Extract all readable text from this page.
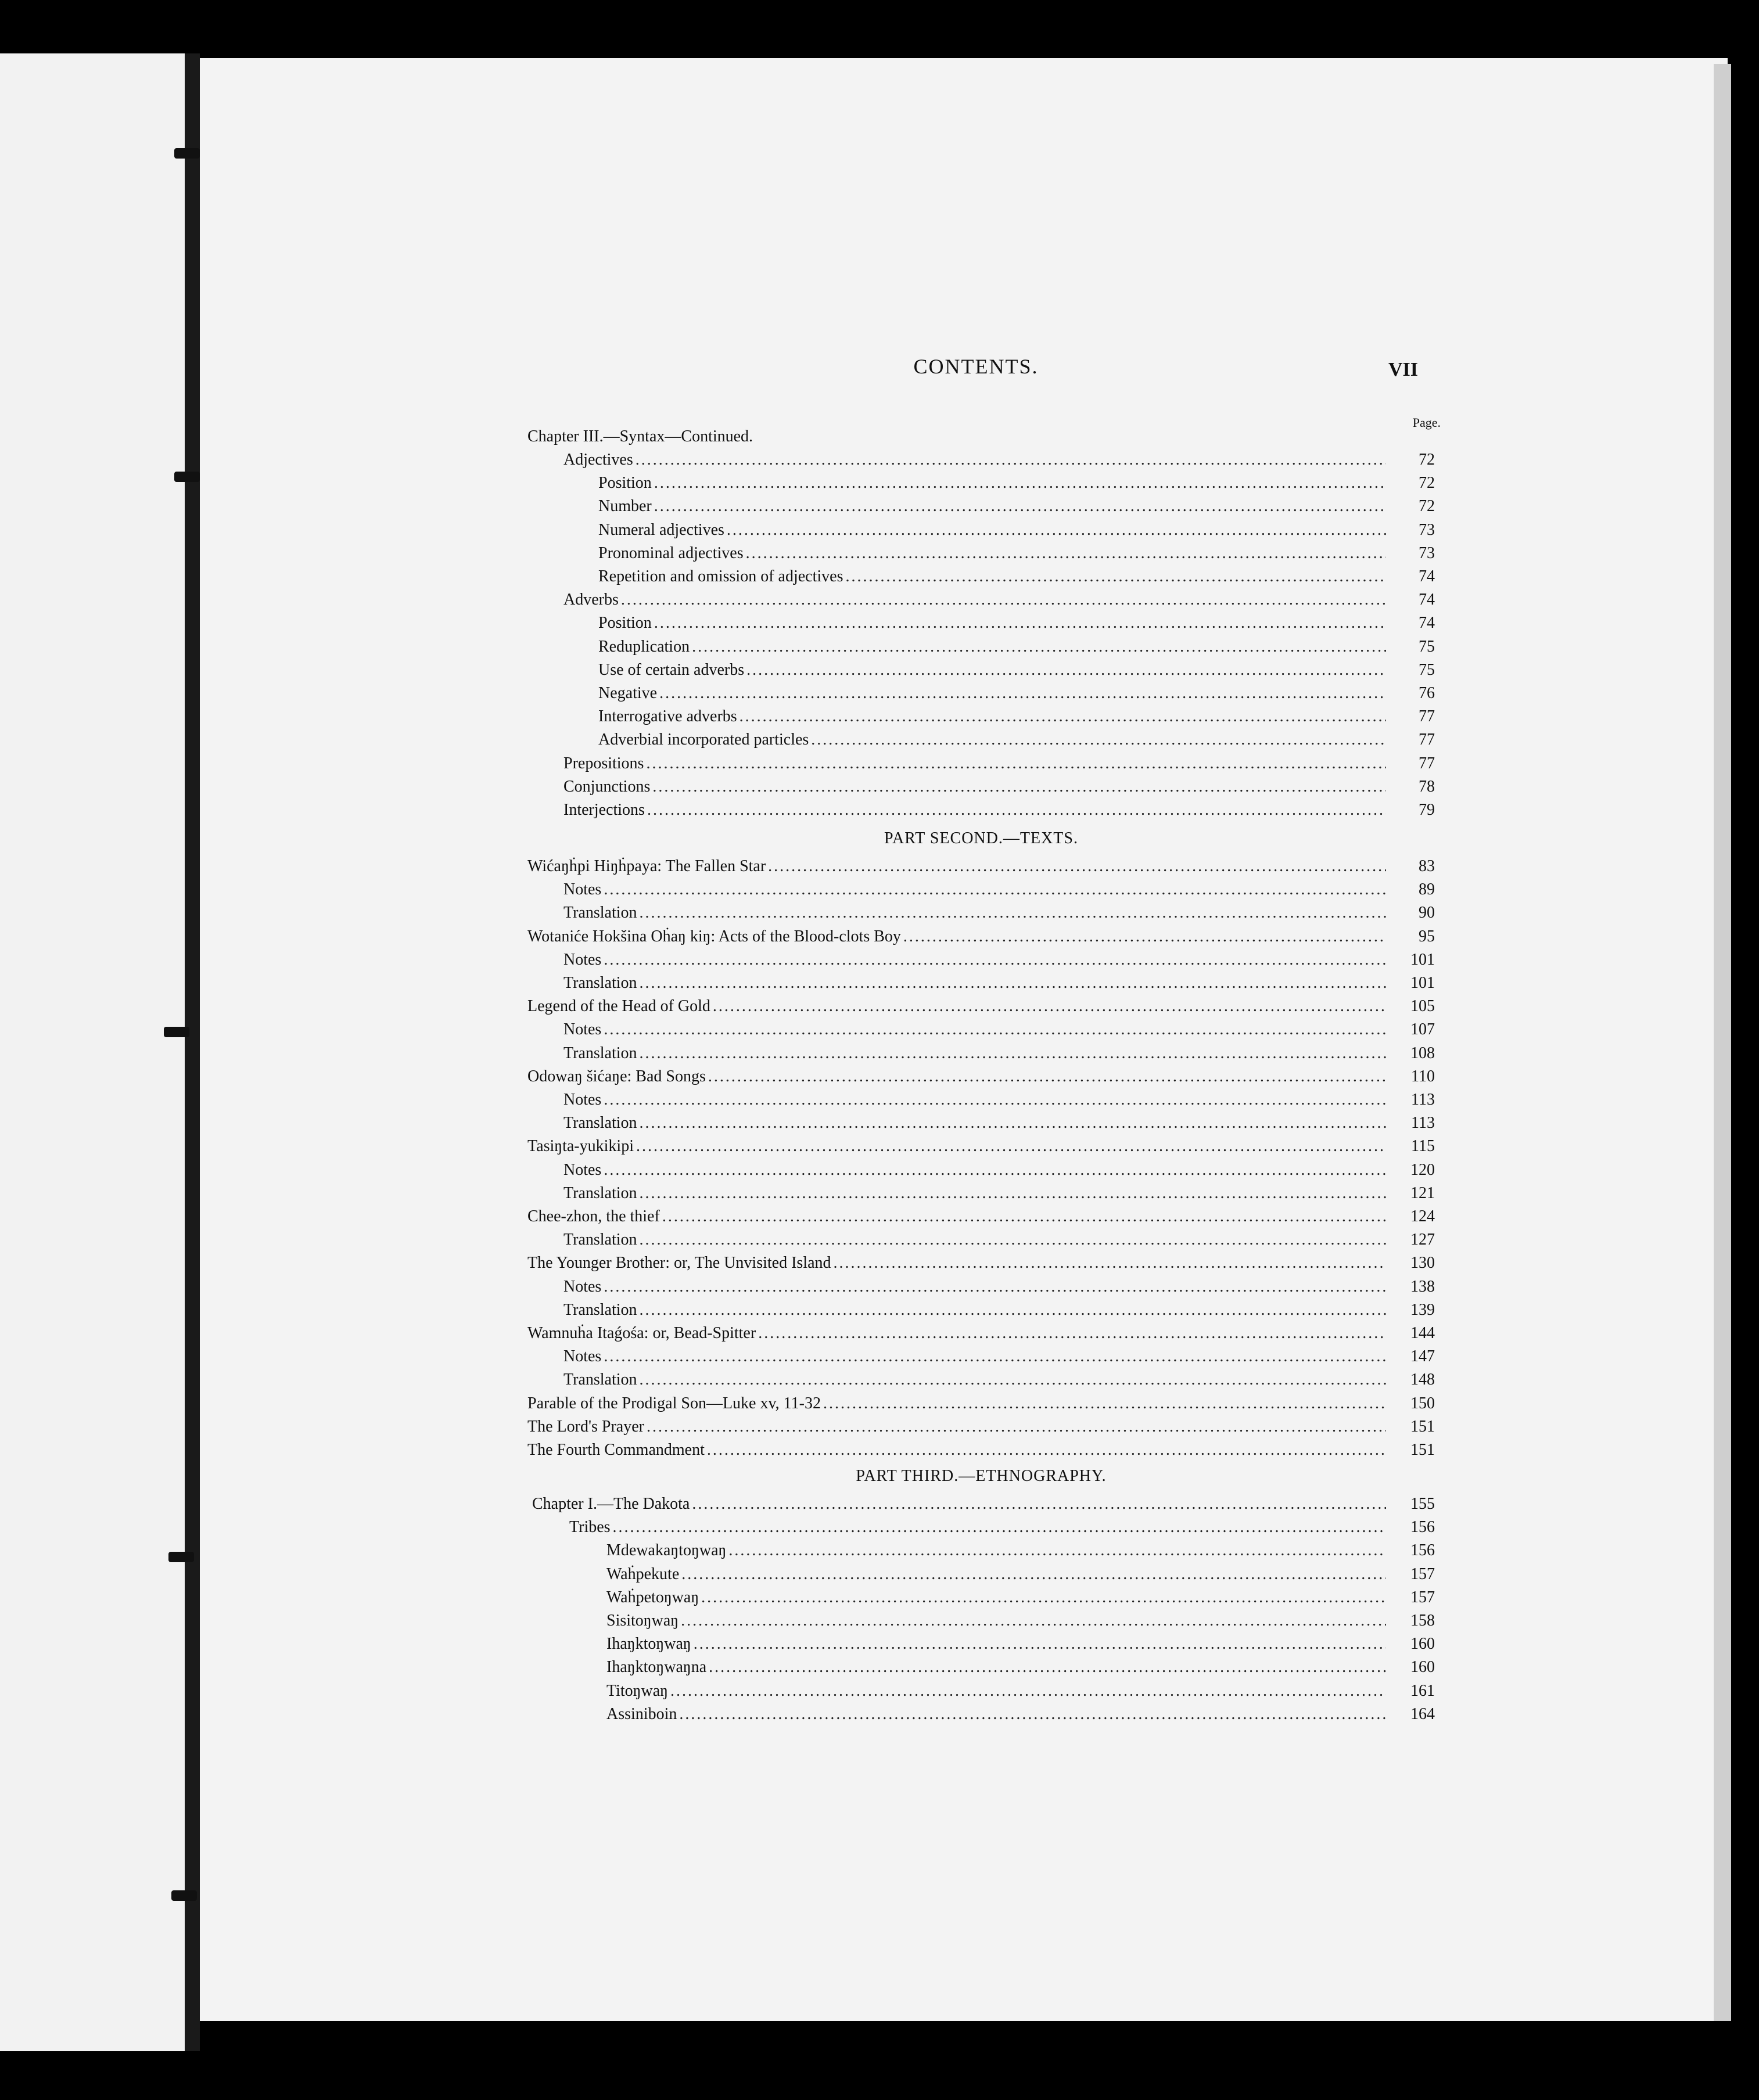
CONTENTS.	VII
Page.
Chapter III.—Syntax—Continued.
Adjectives .....	72
Position .....	72
Number .....	72
Numeral adjectives .....	73
Pronominal adjectives .....	73
Repetition and omission of adjectives .....	74
Adverbs .....	74
Position .....	74
Reduplication .....	75
Use of certain adverbs .....	75
Negative .....	76
Interrogative adverbs .....	77
Adverbial incorporated particles .....	77
Prepositions .....	77
Conjunctions .....	78
Interjections .....	79
PART SECOND.—TEXTS.
Wićaŋḣpi Hiŋḣpaya: The Fallen Star .....	83
Notes .....	89
Translation .....	90
Wotaniće Hokšina Oḣaŋ kiŋ: Acts of the Blood-clots Boy .....	95
Notes .....	101
Translation .....	101
Legend of the Head of Gold .....	105
Notes .....	107
Translation .....	108
Odowaŋ šićaŋe: Bad Songs .....	110
Notes .....	113
Translation .....	113
Tasiŋta-yukikipi .....	115
Notes .....	120
Translation .....	121
Chee-zhon, the thief .....	124
Translation .....	127
The Younger Brother: or, The Unvisited Island .....	130
Notes .....	138
Translation .....	139
Wamnuḣa Itaǵośa: or, Bead-Spitter .....	144
Notes .....	147
Translation .....	148
Parable of the Prodigal Son—Luke xv, 11-32 .....	150
The Lord's Prayer .....	151
The Fourth Commandment .....	151
PART THIRD.—ETHNOGRAPHY.
Chapter I.—The Dakota .....	155
Tribes .....	156
Mdewakaŋtoŋwaŋ .....	156
Waḣpekute .....	157
Waḣpetoŋwaŋ .....	157
Sisitoŋwaŋ .....	158
Ihaŋktoŋwaŋ .....	160
Ihaŋktoŋwaŋna .....	160
Titoŋwaŋ .....	161
Assiniboin .....	164
